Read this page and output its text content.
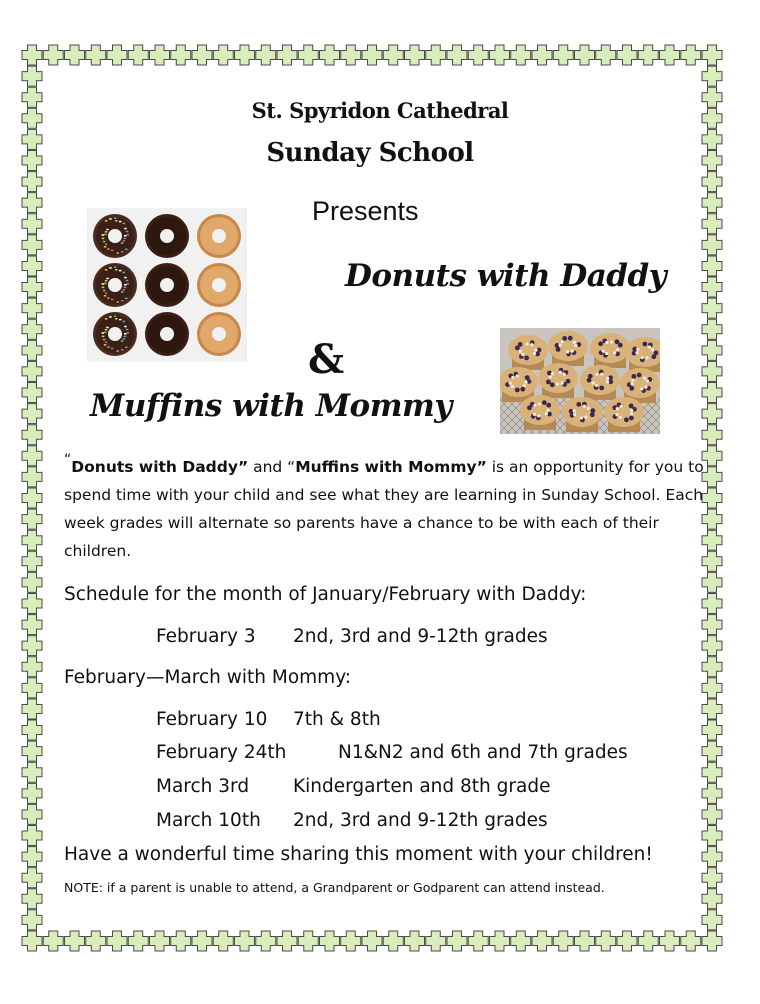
St. Spyridon Cathedral
Sunday School
Presents
Donuts with Daddy
&
Muffins with Mommy
“Donuts with Daddy” and “Muffins with Mommy” is an opportunity for you to spend time with your child and see what they are learning in Sunday School. Each week grades will alternate so parents have a chance to be with each of their children.
Schedule for the month of January/February with Daddy:
February 3 2nd, 3rd and 9-12th grades
February—March with Mommy:
February 10 7th & 8th
February 24th	N1&N2 and 6th and 7th grades
March 3rd Kindergarten and 8th grade
March 10th 2nd, 3rd and 9-12th grades
Have a wonderful time sharing this moment with your children!
NOTE: if a parent is unable to attend, a Grandparent or Godparent can attend instead.
